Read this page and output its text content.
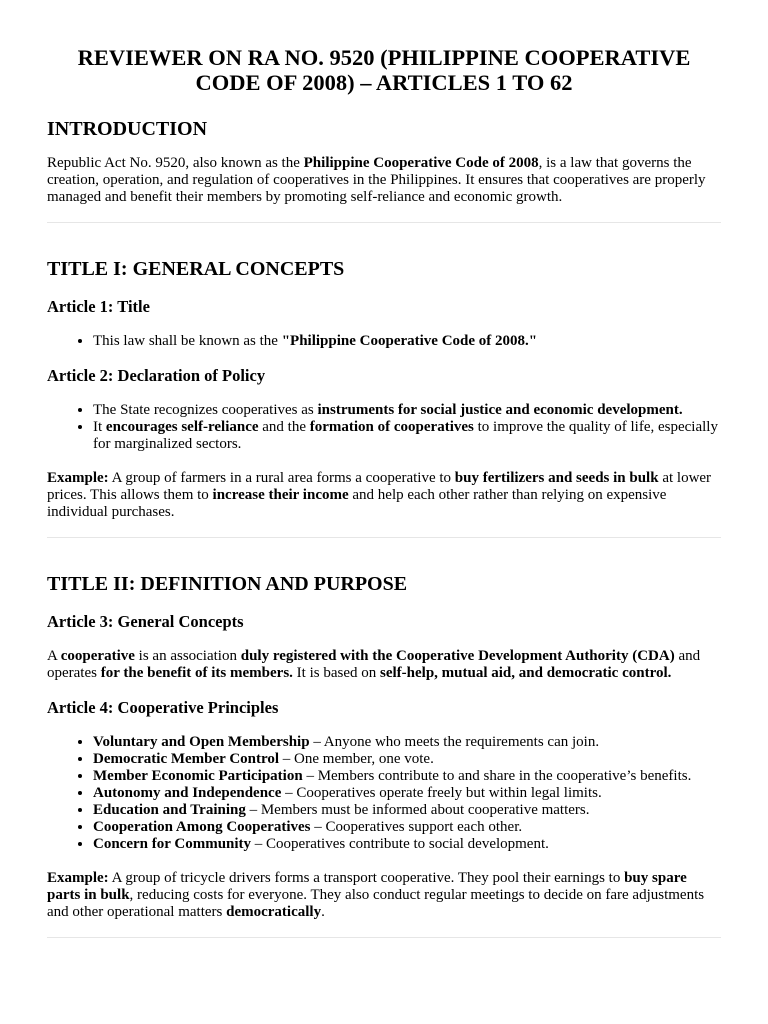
REVIEWER ON RA NO. 9520 (PHILIPPINE COOPERATIVE CODE OF 2008) – ARTICLES 1 TO 62
INTRODUCTION

Republic Act No. 9520, also known as the Philippine Cooperative Code of 2008, is a law that governs the creation, operation, and regulation of cooperatives in the Philippines. It ensures that cooperatives are properly managed and benefit their members by promoting self-reliance and economic growth.

TITLE I: GENERAL CONCEPTS
Article 1: Title
• This law shall be known as the "Philippine Cooperative Code of 2008."
Article 2: Declaration of Policy
• The State recognizes cooperatives as instruments for social justice and economic development.
• It encourages self-reliance and the formation of cooperatives to improve the quality of life, especially for marginalized sectors.

Example: A group of farmers in a rural area forms a cooperative to buy fertilizers and seeds in bulk at lower prices. This allows them to increase their income and help each other rather than relying on expensive individual purchases.

TITLE II: DEFINITION AND PURPOSE
Article 3: General Concepts

A cooperative is an association duly registered with the Cooperative Development Authority (CDA) and operates for the benefit of its members. It is based on self-help, mutual aid, and democratic control.

Article 4: Cooperative Principles
• Voluntary and Open Membership – Anyone who meets the requirements can join.
• Democratic Member Control – One member, one vote.
• Member Economic Participation – Members contribute to and share in the cooperative’s benefits.
• Autonomy and Independence – Cooperatives operate freely but within legal limits.
• Education and Training – Members must be informed about cooperative matters.
• Cooperation Among Cooperatives – Cooperatives support each other.
• Concern for Community – Cooperatives contribute to social development.

Example: A group of tricycle drivers forms a transport cooperative. They pool their earnings to buy spare parts in bulk, reducing costs for everyone. They also conduct regular meetings to decide on fare adjustments and other operational matters democratically.
